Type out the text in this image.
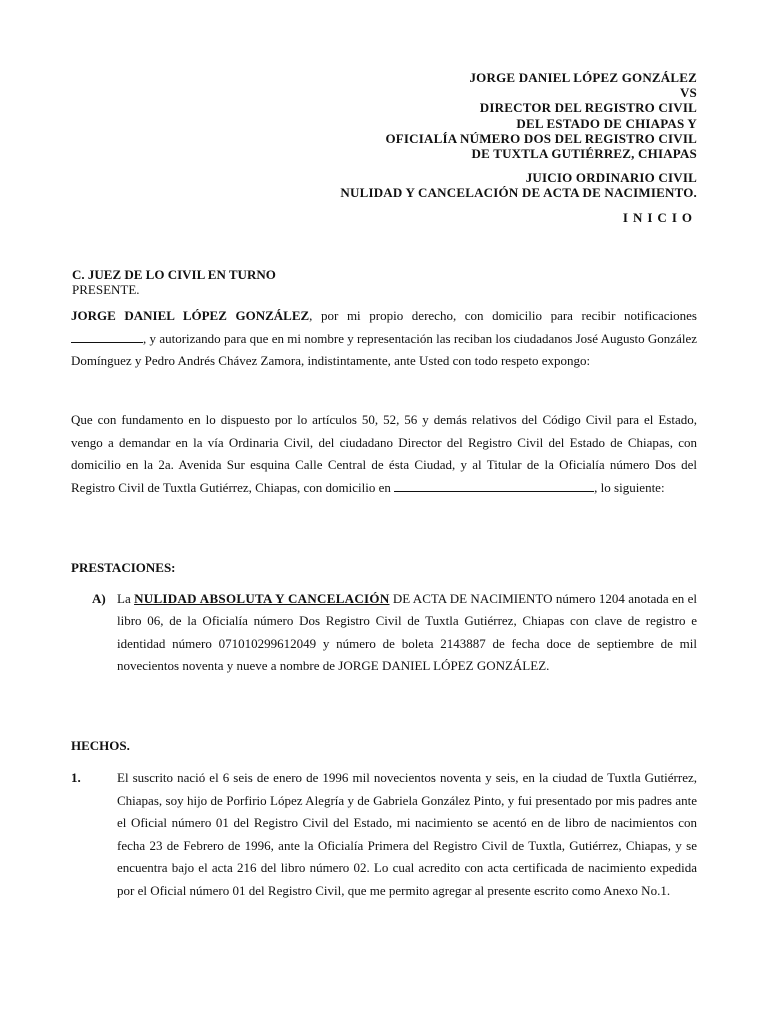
JORGE DANIEL LÓPEZ GONZÁLEZ
VS
DIRECTOR DEL REGISTRO CIVIL
DEL ESTADO DE CHIAPAS Y
OFICIALÍA NÚMERO DOS DEL REGISTRO CIVIL
DE TUXTLA GUTIÉRREZ, CHIAPAS
JUICIO ORDINARIO CIVIL
NULIDAD Y CANCELACIÓN DE ACTA DE NACIMIENTO.
INICIO
C. JUEZ DE LO CIVIL EN TURNO
PRESENTE.
JORGE DANIEL LÓPEZ GONZÁLEZ, por mi propio derecho, con domicilio para recibir notificaciones, y autorizando para que en mi nombre y representación las reciban los ciudadanos José Augusto González Domínguez y Pedro Andrés Chávez Zamora, indistintamente, ante Usted con todo respeto expongo:
Que con fundamento en lo dispuesto por lo artículos 50, 52, 56 y demás relativos del Código Civil para el Estado, vengo a demandar en la vía Ordinaria Civil, del ciudadano Director del Registro Civil del Estado de Chiapas, con domicilio en la 2a. Avenida Sur esquina Calle Central de ésta Ciudad, y al Titular de la Oficialía número Dos del Registro Civil de Tuxtla Gutiérrez, Chiapas, con domicilio en	, lo siguiente:
PRESTACIONES:
A) La NULIDAD ABSOLUTA Y CANCELACIÓN DE ACTA DE NACIMIENTO número 1204 anotada en el libro 06, de la Oficialía número Dos Registro Civil de Tuxtla Gutiérrez, Chiapas con clave de registro e identidad número 071010299612049 y número de boleta 2143887 de fecha doce de septiembre de mil novecientos noventa y nueve a nombre de JORGE DANIEL LÓPEZ GONZÁLEZ.
HECHOS.
1.	El suscrito nació el 6 seis de enero de 1996 mil novecientos noventa y seis, en la ciudad de Tuxtla Gutiérrez, Chiapas, soy hijo de Porfirio López Alegría y de Gabriela González Pinto, y fui presentado por mis padres ante el Oficial número 01 del Registro Civil del Estado, mi nacimiento se acentó en de libro de nacimientos con fecha 23 de Febrero de 1996, ante la Oficialía Primera del Registro Civil de Tuxtla, Gutiérrez, Chiapas, y se encuentra bajo el acta 216 del libro número 02. Lo cual acredito con acta certificada de nacimiento expedida por el Oficial número 01 del Registro Civil, que me permito agregar al presente escrito como Anexo No.1.
